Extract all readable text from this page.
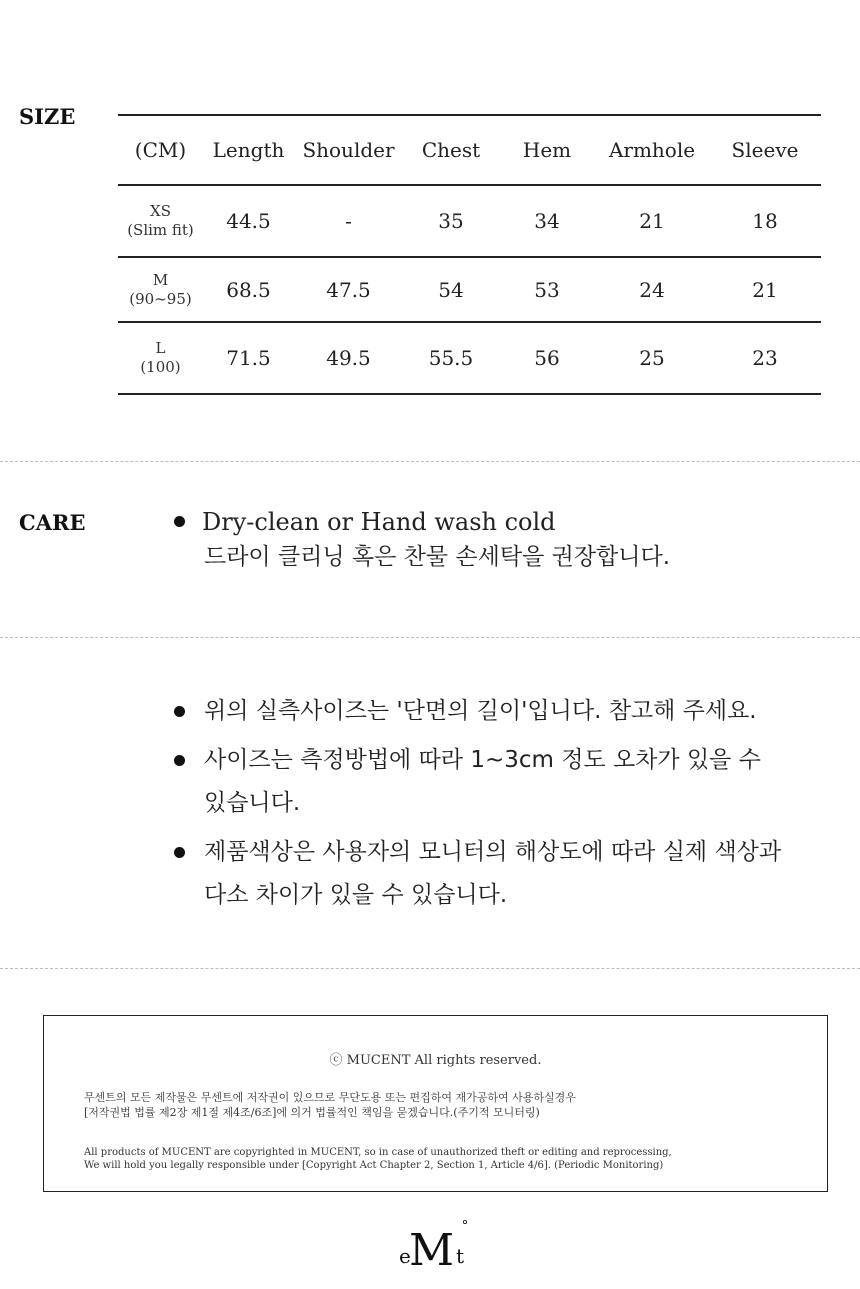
SIZE
(CM)	Length	Shoulder	Chest	Hem	Armhole	Sleeve

XS
(Slim fit)	44.5	-	35	34	21	18

M
(90~95)	68.5	47.5	54	53	24	21

L
(100)	71.5	49.5	55.5	56	25	23
CARE	Dry-clean or Hand wash cold
드라이 클리닝 혹은 찬물 손세탁을 권장합니다.
위의 실측사이즈는 '단면의 길이'입니다. 참고해 주세요.
사이즈는 측정방법에 따라 1~3cm 정도 오차가 있을 수
있습니다.
제품색상은 사용자의 모니터의 해상도에 따라 실제 색상과
다소 차이가 있을 수 있습니다.
ⓒ MUCENT All rights reserved.
무센트의 모든 제작물은 무센트에 저작권이 있으므로 무단도용 또는 편집하여 재가공하여 사용하실경우
[저작권법 법률 제2장 제1절 제4조/6조]에 의거 법률적인 책임을 묻겠습니다.(주기적 모니터링)
All products of MUCENT are copyrighted in MUCENT, so in case of unauthorized theft or editing and reprocessing,
We will hold you legally responsible under [Copyright Act Chapter 2, Section 1, Article 4/6]. (Periodic Monitoring)
e
M t
